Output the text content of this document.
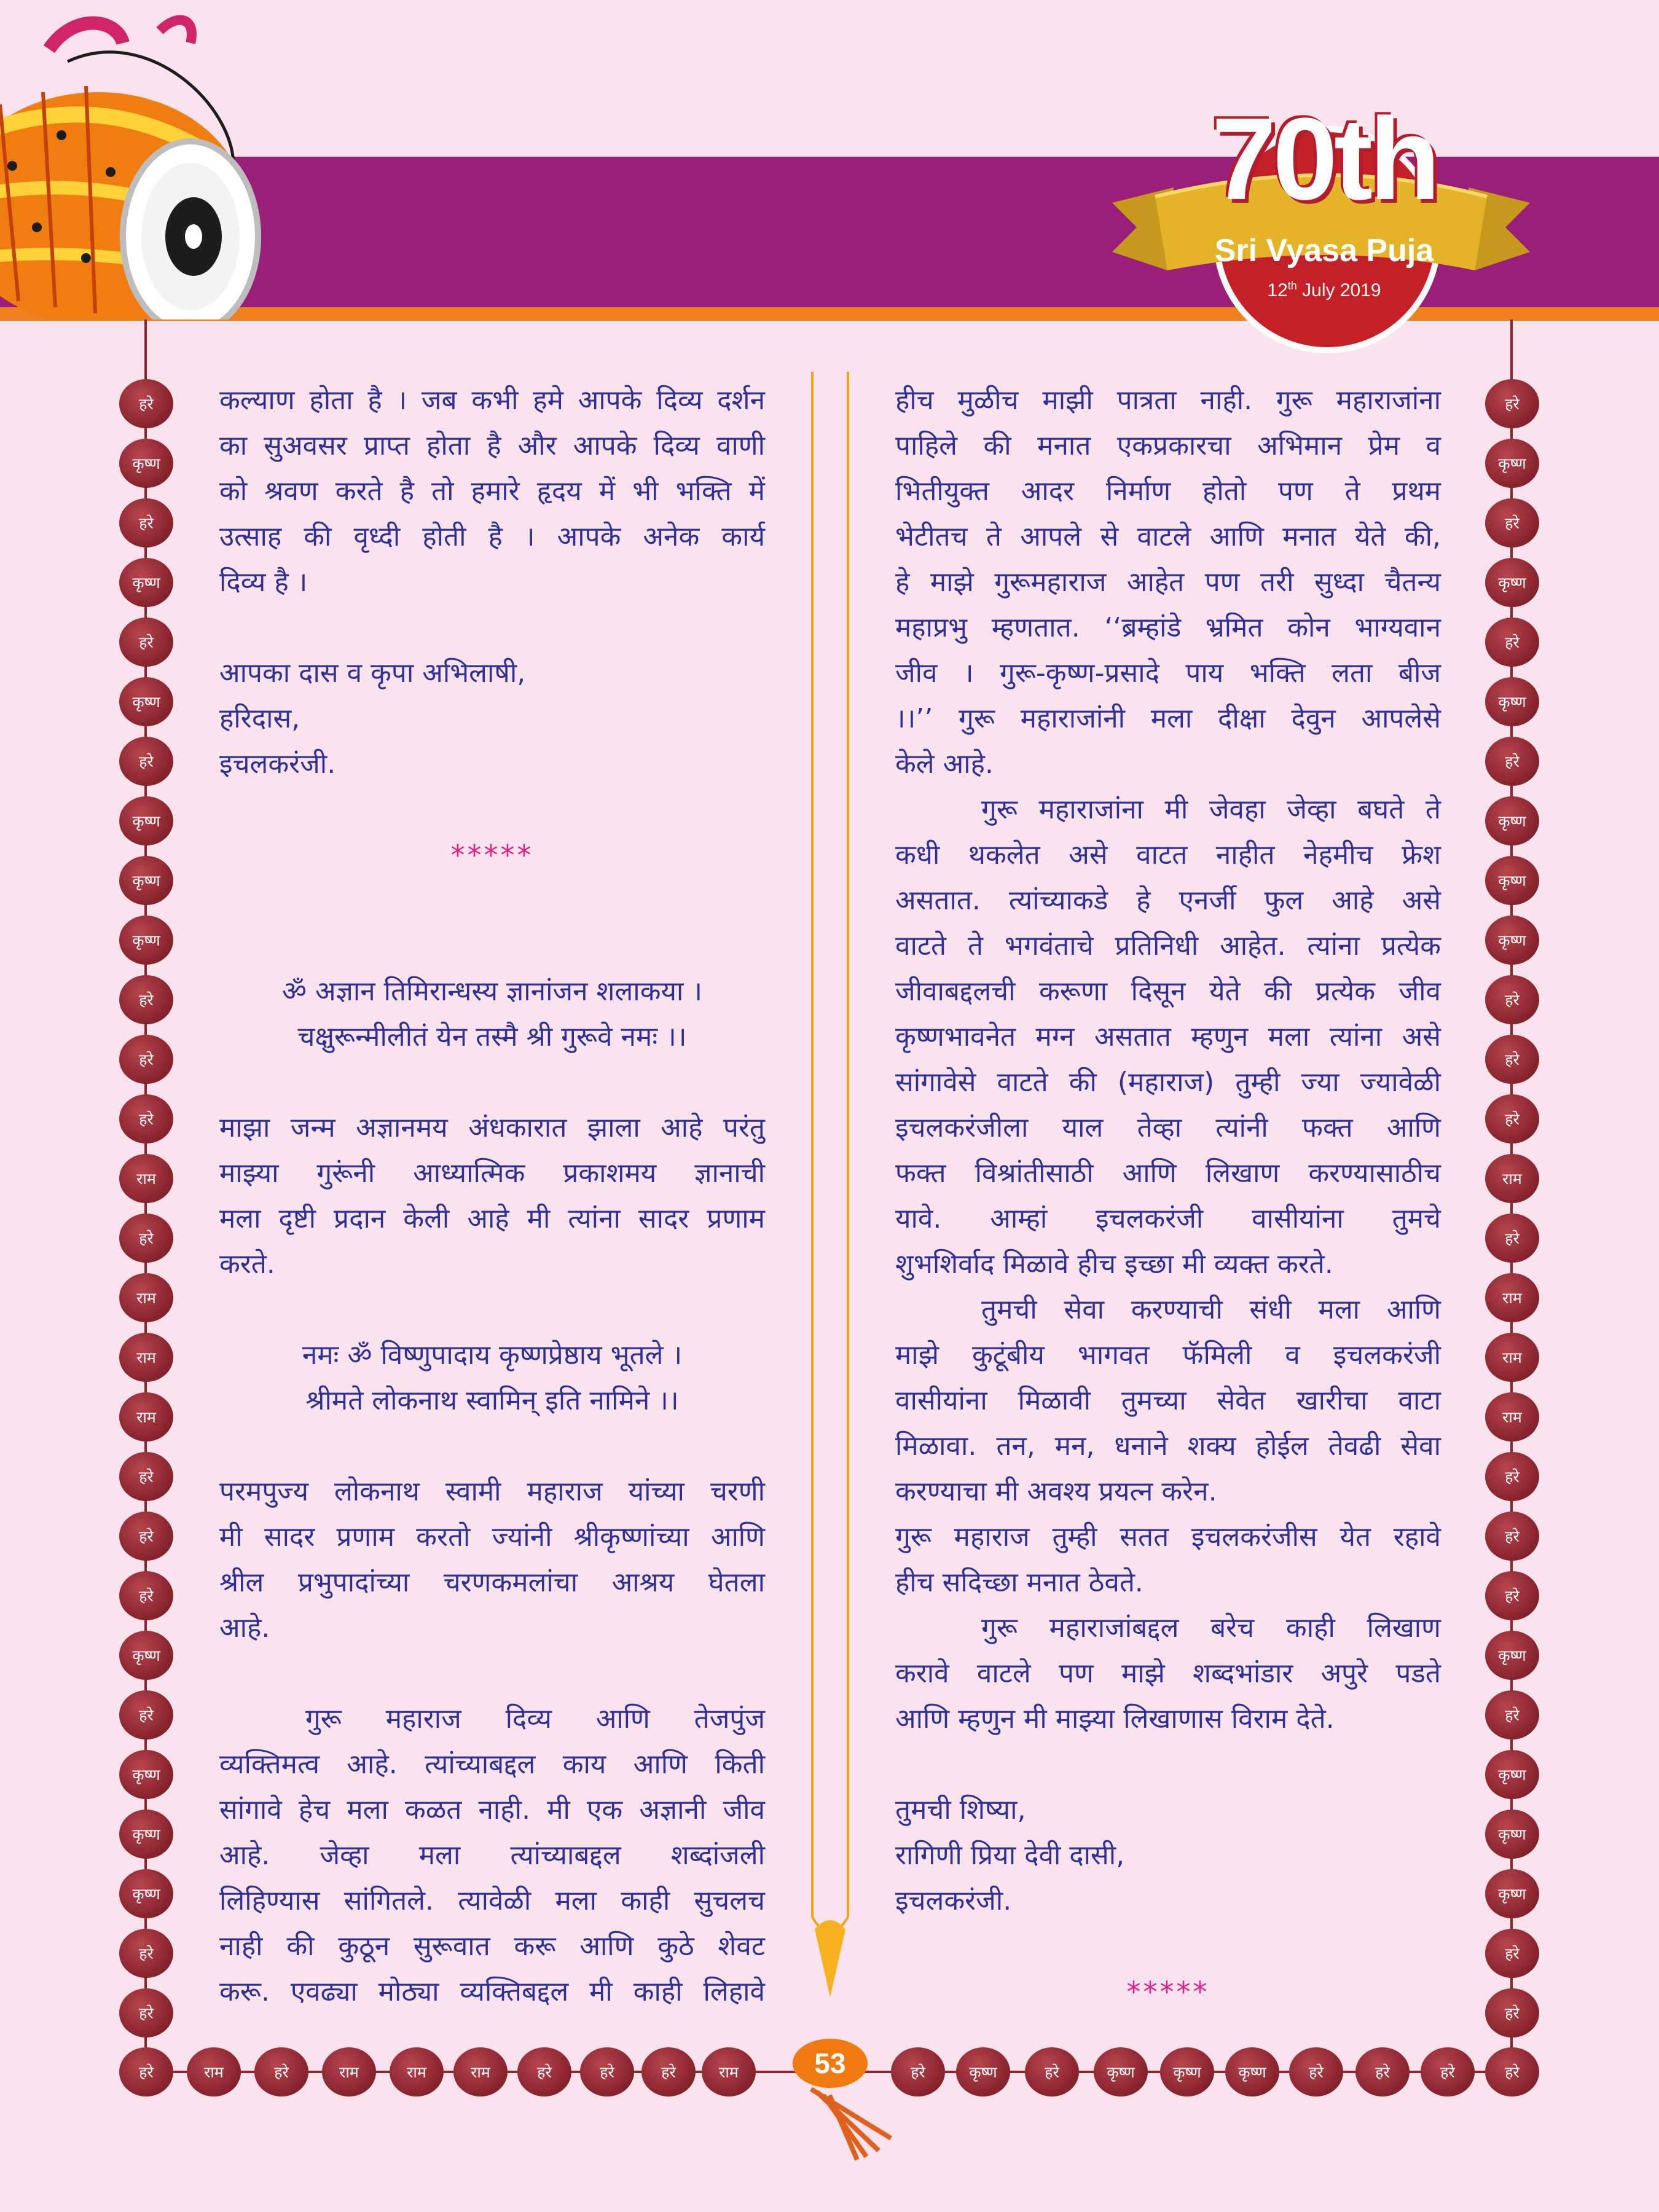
70th
Sri Vyasa Puja
12th July 2019
हरे
कृष्ण
हरे
कृष्ण
हरे
कृष्ण
हरे
कृष्ण
कृष्ण
कृष्ण
हरे
हरे
हरे
राम
हरे
राम
राम
राम
हरे
हरे
हरे
कृष्ण
हरे
कृष्ण
कृष्ण
कृष्ण
हरे
हरे
हरे
कृष्ण
हरे
कृष्ण
हरे
कृष्ण
हरे
कृष्ण
कृष्ण
कृष्ण
हरे
हरे
हरे
राम
हरे
राम
राम
राम
हरे
हरे
हरे
कृष्ण
हरे
कृष्ण
कृष्ण
कृष्ण
हरे
हरे
हरे	राम	हरे	राम	राम	राम	हरे	हरे	हरे	राम	हरे	कृष्ण	हरे	कृष्ण	कृष्ण	कृष्ण	हरे	हरे	हरे	हरे
53

कल्याण होता है । जब कभी हमे आपके दिव्य दर्शन

का सुअवसर प्राप्त होता है और आपके दिव्य वाणी

को श्रवण करते है तो हमारे हृदय में भी भक्ति में

उत्साह की वृध्दी होती है । आपके अनेक कार्य

दिव्य है ।

आपका दास व कृपा अभिलाषी,

हरिदास,

इचलकरंजी.

*****

ॐ अज्ञान तिमिरान्धस्य ज्ञानांजन शलाकया ।

चक्षुरून्मीलीतं येन तस्मै श्री गुरूवे नमः ।।

माझा जन्म अज्ञानमय अंधकारात झाला आहे परंतु

माझ्या गुरूंनी आध्यात्मिक प्रकाशमय ज्ञानाची

मला दृष्टी प्रदान केली आहे मी त्यांना सादर प्रणाम

करते.

नमः ॐ विष्णुपादाय कृष्णप्रेष्ठाय भूतले ।

श्रीमते लोकनाथ स्वामिन् इति नामिने ।।

परमपुज्य लोकनाथ स्वामी महाराज यांच्या चरणी

मी सादर प्रणाम करतो ज्यांनी श्रीकृष्णांच्या आणि

श्रील प्रभुपादांच्या चरणकमलांचा आश्रय घेतला

आहे.

गुरू महाराज दिव्य आणि तेजपुंज

व्यक्तिमत्व आहे. त्यांच्याबद्दल काय आणि किती

सांगावे हेच मला कळत नाही. मी एक अज्ञानी जीव

आहे. जेव्हा मला त्यांच्याबद्दल शब्दांजली

लिहिण्यास सांगितले. त्यावेळी मला काही सुचलच

नाही की कुठून सुरूवात करू आणि कुठे शेवट

करू. एवढ्या मोठ्या व्यक्तिबद्दल मी काही लिहावे

हीच मुळीच माझी पात्रता नाही. गुरू महाराजांना

पाहिले की मनात एकप्रकारचा अभिमान प्रेम व

भितीयुक्त आदर निर्माण होतो पण ते प्रथम

भेटीतच ते आपले से वाटले आणि मनात येते की,

हे माझे गुरूमहाराज आहेत पण तरी सुध्दा चैतन्य

महाप्रभु म्हणतात. ‘‘ब्रम्हांडे भ्रमित कोन भाग्यवान

जीव । गुरू-कृष्ण-प्रसादे पाय भक्ति लता बीज

।।’’ गुरू महाराजांनी मला दीक्षा देवुन आपलेसे

केले आहे.

गुरू महाराजांना मी जेवहा जेव्हा बघते ते

कधी थकलेत असे वाटत नाहीत नेहमीच फ्रेश

असतात. त्यांच्याकडे हे एनर्जी फुल आहे असे

वाटते ते भगवंताचे प्रतिनिधी आहेत. त्यांना प्रत्येक

जीवाबद्दलची करूणा दिसून येते की प्रत्येक जीव

कृष्णभावनेत मग्न असतात म्हणुन मला त्यांना असे

सांगावेसे वाटते की (महाराज) तुम्ही ज्या ज्यावेळी

इचलकरंजीला याल तेव्हा त्यांनी फक्त आणि

फक्त विश्रांतीसाठी आणि लिखाण करण्यासाठीच

यावे. आम्हां इचलकरंजी वासीयांना तुमचे

शुभशिर्वाद मिळावे हीच इच्छा मी व्यक्त करते.

तुमची सेवा करण्याची संधी मला आणि

माझे कुटूंबीय भागवत फॅमिली व इचलकरंजी

वासीयांना मिळावी तुमच्या सेवेत खारीचा वाटा

मिळावा. तन, मन, धनाने शक्य होईल तेवढी सेवा

करण्याचा मी अवश्य प्रयत्न करेन.

गुरू महाराज तुम्ही सतत इचलकरंजीस येत रहावे

हीच सदिच्छा मनात ठेवते.

गुरू महाराजांबद्दल बरेच काही लिखाण

करावे वाटले पण माझे शब्दभांडार अपुरे पडते

आणि म्हणुन मी माझ्या लिखाणास विराम देते.

तुमची शिष्या,

रागिणी प्रिया देवी दासी,

इचलकरंजी.

*****
